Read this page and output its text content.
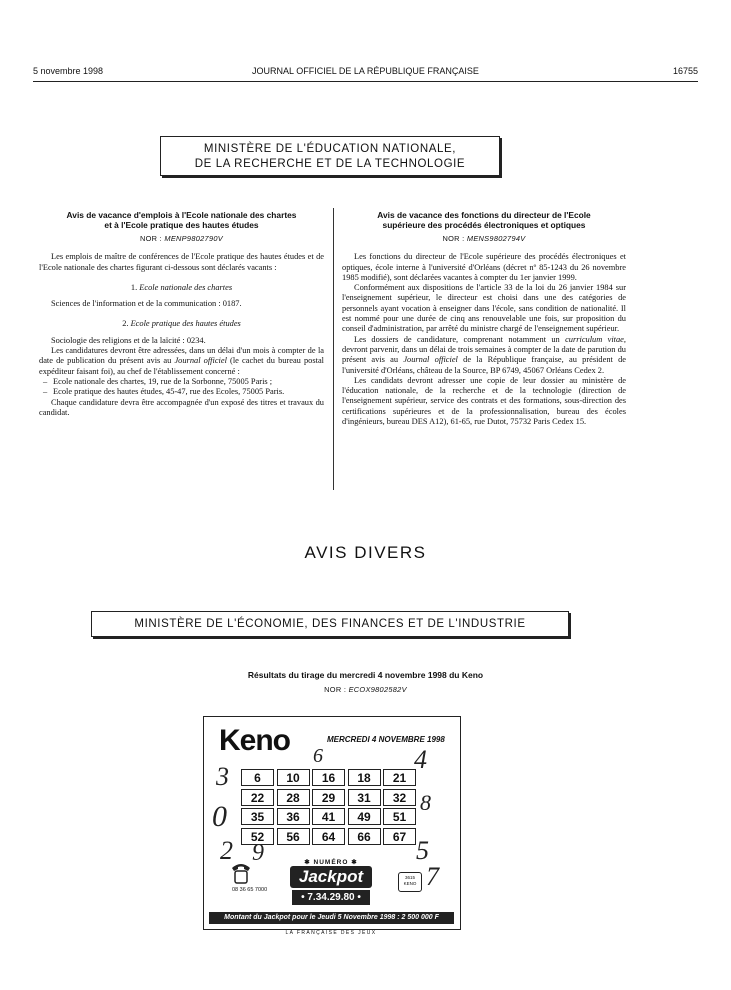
5 novembre 1998	JOURNAL OFFICIEL DE LA RÉPUBLIQUE FRANÇAISE	16755
MINISTÈRE DE L'ÉDUCATION NATIONALE,
DE LA RECHERCHE ET DE LA TECHNOLOGIE
Avis de vacance d'emplois à l'Ecole nationale des chartes
et à l'Ecole pratique des hautes études
NOR : MENP9802790V

Les emplois de maître de conférences de l'Ecole pratique des hautes études et de l'Ecole nationale des chartes figurant ci-dessous sont déclarés vacants :

1. Ecole nationale des chartes

Sciences de l'information et de la communication : 0187.

2. Ecole pratique des hautes études

Sociologie des religions et de la laïcité : 0234.

Les candidatures devront être adressées, dans un délai d'un mois à compter de la date de publication du présent avis au Journal officiel (le cachet du bureau postal expéditeur faisant foi), au chef de l'établissement concerné :

– Ecole nationale des chartes, 19, rue de la Sorbonne, 75005 Paris ;

– Ecole pratique des hautes études, 45-47, rue des Ecoles, 75005 Paris.

Chaque candidature devra être accompagnée d'un exposé des titres et travaux du candidat.

Avis de vacance des fonctions du directeur de l'Ecole
supérieure des procédés électroniques et optiques
NOR : MENS9802794V

Les fonctions du directeur de l'Ecole supérieure des procédés électroniques et optiques, école interne à l'université d'Orléans (décret nº 85-1243 du 26 novembre 1985 modifié), sont déclarées vacantes à compter du 1er janvier 1999.

Conformément aux dispositions de l'article 33 de la loi du 26 janvier 1984 sur l'enseignement supérieur, le directeur est choisi dans une des catégories de personnels ayant vocation à enseigner dans l'école, sans condition de nationalité. Il est nommé pour une durée de cinq ans renouvelable une fois, sur proposition du conseil d'administration, par arrêté du ministre chargé de l'enseignement supérieur.

Les dossiers de candidature, comprenant notamment un curriculum vitae, devront parvenir, dans un délai de trois semaines à compter de la date de parution du présent avis au Journal officiel de la République française, au président de l'université d'Orléans, château de la Source, BP 6749, 45067 Orléans Cedex 2.

Les candidats devront adresser une copie de leur dossier au ministère de l'éducation nationale, de la recherche et de la technologie (direction de l'enseignement supérieur, service des contrats et des formations, sous-direction des certifications supérieures et de la professionnalisation, bureau des écoles d'ingénieurs, bureau DES A12), 61-65, rue Dutot, 75732 Paris Cedex 15.

AVIS DIVERS
MINISTÈRE DE L'ÉCONOMIE, DES FINANCES ET DE L'INDUSTRIE
Résultats du tirage du mercredi 4 novembre 1998 du Keno
NOR : ECOX9802582V
Keno	MERCREDI 4 NOVEMBRE 1998
6	10	16	18	21
22	28	29	31	32
35	36	41	49	51
52	56	64	66	67
3
4
6
0	8
2 9	5
7
08 36 65 7000
✱ NUMÉRO ✱
Jackpot
• 7.34.29.80 •
3615 KENO
Montant du Jackpot pour le Jeudi 5 Novembre 1998 : 2 500 000 F
LA FRANÇAISE DES JEUX
